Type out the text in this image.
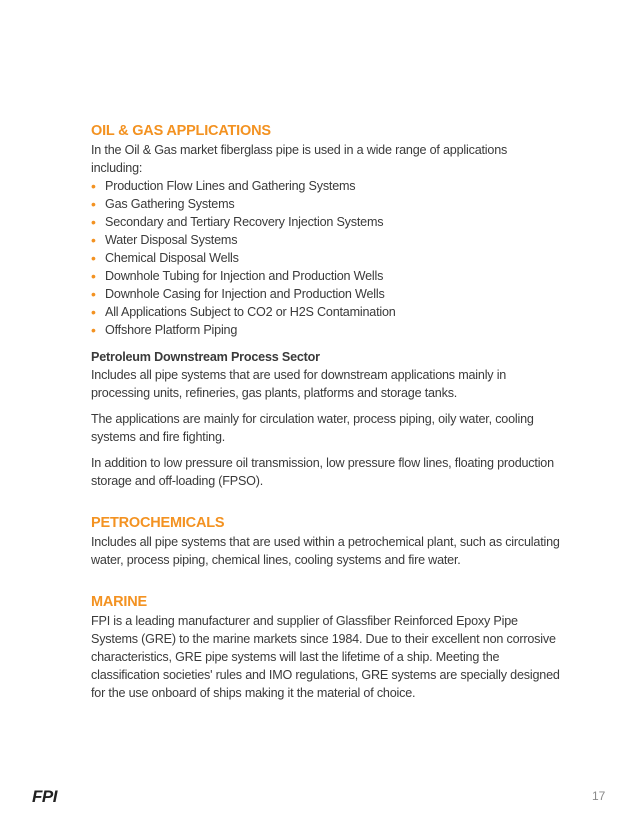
OIL & GAS APPLICATIONS

In the Oil & Gas market fiberglass pipe is used in a wide range of applications including:

• Production Flow Lines and Gathering Systems
• Gas Gathering Systems
• Secondary and Tertiary Recovery Injection Systems
• Water Disposal Systems
• Chemical Disposal Wells
• Downhole Tubing for Injection and Production Wells
• Downhole Casing for Injection and Production Wells
• All Applications Subject to CO2 or H2S Contamination
• Offshore Platform Piping

Petroleum Downstream Process Sector

Includes all pipe systems that are used for downstream applications mainly in processing units, refineries, gas plants, platforms and storage tanks.

The applications are mainly for circulation water, process piping, oily water, cooling systems and fire fighting.

In addition to low pressure oil transmission, low pressure flow lines, floating production storage and off-loading (FPSO).

PETROCHEMICALS

Includes all pipe systems that are used within a petrochemical plant, such as circulating water, process piping, chemical lines, cooling systems and fire water.

MARINE

FPI is a leading manufacturer and supplier of Glassfiber Reinforced Epoxy Pipe Systems (GRE) to the marine markets since 1984. Due to their excellent non corrosive characteristics, GRE pipe systems will last the lifetime of a ship. Meeting the classification societies' rules and IMO regulations, GRE systems are specially designed for the use onboard of ships making it the material of choice.

FPI	17
